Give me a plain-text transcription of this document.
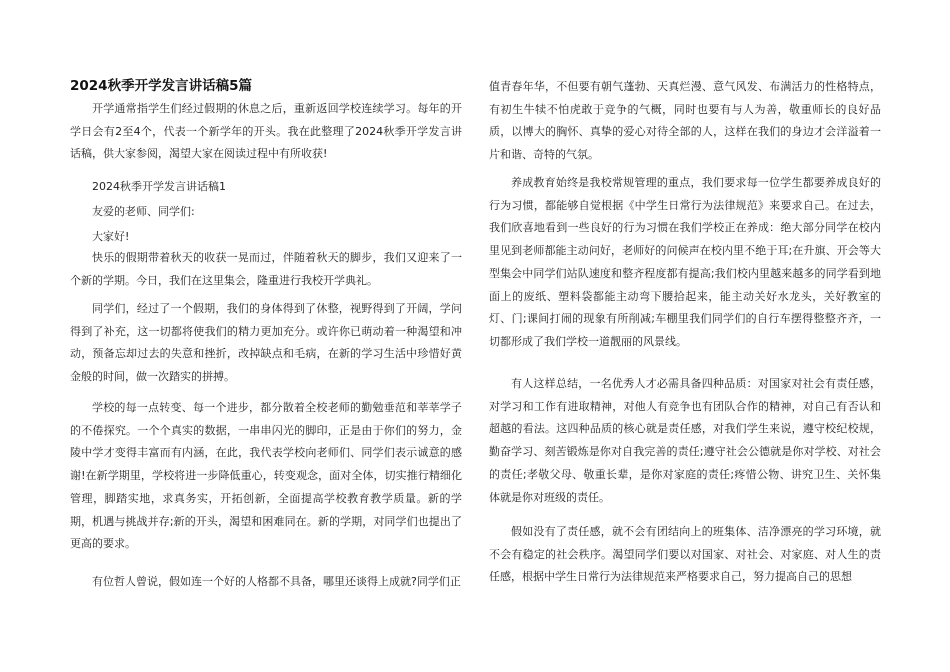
2024秋季开学发言讲话稿5篇

开学通常指学生们经过假期的休息之后，重新返回学校连续学习。每年的开学日会有2至4个，代表一个新学年的开头。我在此整理了2024秋季开学发言讲话稿，供大家参阅，渴望大家在阅读过程中有所收获!

2024秋季开学发言讲话稿1

友爱的老师、同学们:

大家好!

快乐的假期带着秋天的收获一晃而过，伴随着秋天的脚步，我们又迎来了一个新的学期。今日，我们在这里集会，隆重进行我校开学典礼。

同学们，经过了一个假期，我们的身体得到了休整，视野得到了开阔，学问得到了补充，这一切都将使我们的精力更加充分。或许你已萌动着一种渴望和冲动，预备忘却过去的失意和挫折，改掉缺点和毛病，在新的学习生活中珍惜好黄金般的时间，做一次踏实的拼搏。

学校的每一点转变、每一个进步，都分散着全校老师的勤勉垂范和莘莘学子的不倦探究。一个个真实的数据，一串串闪光的脚印，正是由于你们的努力，金陵中学才变得丰富而有内涵，在此，我代表学校向老师们、同学们表示诚意的感谢!在新学期里，学校将进一步降低重心，转变观念，面对全体，切实推行精细化管理，脚踏实地，求真务实，开拓创新，全面提高学校教育教学质量。新的学期，机遇与挑战并存;新的开头，渴望和困难同在。新的学期，对同学们也提出了更高的要求。

有位哲人曾说，假如连一个好的人格都不具备，哪里还谈得上成就?同学们正

值青春年华，不但要有朝气蓬勃、天真烂漫、意气风发、布满活力的性格特点，有初生牛犊不怕虎敢于竞争的气概，同时也要有与人为善，敬重师长的良好品质，以博大的胸怀、真挚的爱心对待全部的人，这样在我们的身边才会洋溢着一片和谐、奇特的气氛。

养成教育始终是我校常规管理的重点，我们要求每一位学生都要养成良好的行为习惯，都能够自觉根据《中学生日常行为法律规范》来要求自己。在过去，我们欣喜地看到一些良好的行为习惯在我们学校正在养成：绝大部分同学在校内里见到老师都能主动问好，老师好的问候声在校内里不绝于耳;在升旗、开会等大型集会中同学们站队速度和整齐程度都有提高;我们校内里越来越多的同学看到地面上的废纸、塑料袋都能主动弯下腰拾起来，能主动关好水龙头，关好教室的灯、门;课间打闹的现象有所削减;车棚里我们同学们的自行车摆得整整齐齐，一切都形成了我们学校一道靓丽的风景线。

有人这样总结，一名优秀人才必需具备四种品质：对国家对社会有责任感，对学习和工作有进取精神，对他人有竞争也有团队合作的精神，对自己有否认和超越的看法。这四种品质的核心就是责任感，对我们学生来说，遵守校纪校规，勤奋学习、刻苦锻炼是你对自我完善的责任;遵守社会公德就是你对学校、对社会的责任;孝敬父母、敬重长辈，是你对家庭的责任;疼惜公物、讲究卫生、关怀集体就是你对班级的责任。

假如没有了责任感，就不会有团结向上的班集体、洁净漂亮的学习环境，就不会有稳定的社会秩序。渴望同学们要以对国家、对社会、对家庭、对人生的责任感，根据中学生日常行为法律规范来严格要求自己，努力提高自己的思想
